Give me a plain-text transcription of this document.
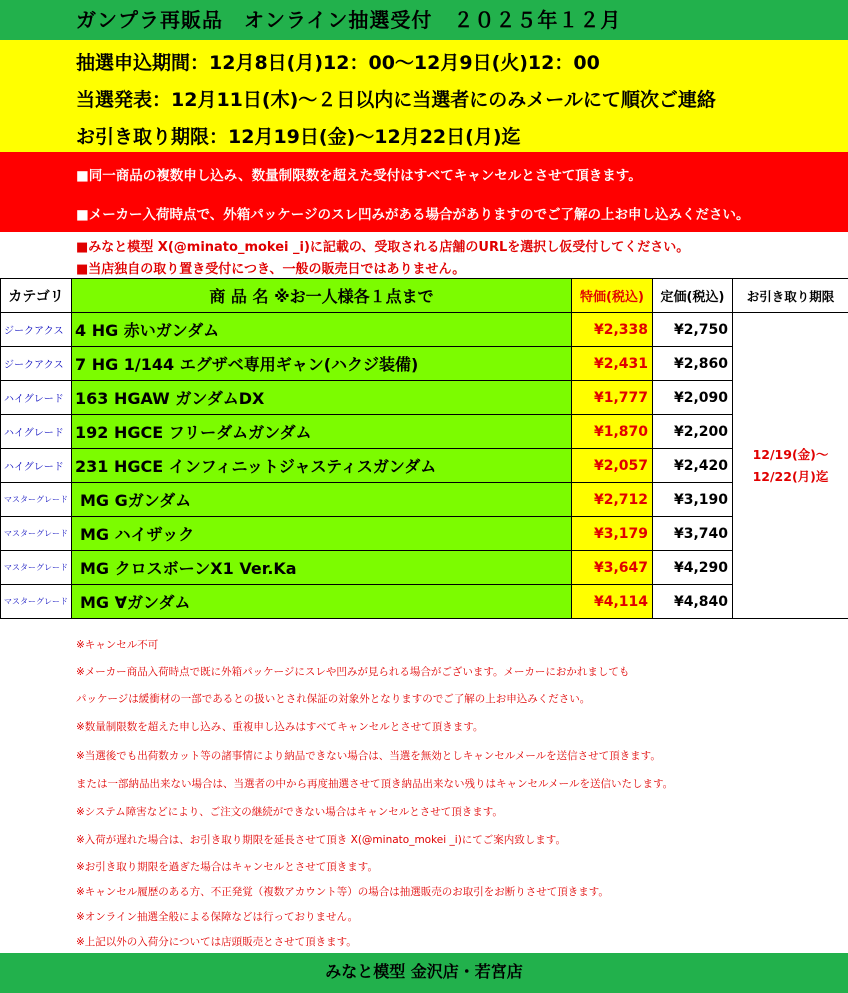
ガンプラ再販品　オンライン抽選受付　２０２５年１２月
抽選申込期間：12月8日(月)12：00～12月9日(火)12：00
当選発表：12月11日(木)～２日以内に当選者にのみメールにて順次ご連絡
お引き取り期限：12月19日(金)～12月22日(月)迄
■同一商品の複数申し込み、数量制限数を超えた受付はすべてキャンセルとさせて頂きます。
■メーカー入荷時点で、外箱パッケージのスレ凹みがある場合がありますのでご了解の上お申し込みください。
■みなと模型 X(@minato_mokei _i)に記載の、受取される店舗のURLを選択し仮受付してください。
■当店独自の取り置き受付につき、一般の販売日ではありません。
カテゴリ	商 品 名 ※お一人様各１点まで	特価(税込)	定価(税込)	お引き取り期限
ジークアクス	4 HG 赤いガンダム	¥2,338	¥2,750	12/19(金)～
12/22(月)迄

ジークアクス	7 HG 1/144 エグザベ専用ギャン(ハクジ装備)	¥2,431	¥2,860	
ハイグレード	163 HGAW ガンダムDX	¥1,777	¥2,090	
ハイグレード	192 HGCE フリーダムガンダム	¥1,870	¥2,200	
ハイグレード	231 HGCE インフィニットジャスティスガンダム	¥2,057	¥2,420	
マスターグレード	MG Gガンダム	¥2,712	¥3,190	
マスターグレード	MG ハイザック	¥3,179	¥3,740	
マスターグレード	MG クロスボーンX1 Ver.Ka	¥3,647	¥4,290	
マスターグレード	MG ∀ガンダム	¥4,114	¥4,840	
※キャンセル不可
※メーカー商品入荷時点で既に外箱パッケージにスレや凹みが見られる場合がございます。メーカーにおかれましても
パッケージは緩衝材の一部であるとの扱いとされ保証の対象外となりますのでご了解の上お申込みください。
※数量制限数を超えた申し込み、重複申し込みはすべてキャンセルとさせて頂きます。
※当選後でも出荷数カット等の諸事情により納品できない場合は、当選を無効としキャンセルメールを送信させて頂きます。
または一部納品出来ない場合は、当選者の中から再度抽選させて頂き納品出来ない残りはキャンセルメールを送信いたします。
※システム障害などにより、ご注文の継続ができない場合はキャンセルとさせて頂きます。
※入荷が遅れた場合は、お引き取り期限を延長させて頂き X(@minato_mokei _i)にてご案内致します。
※お引き取り期限を過ぎた場合はキャンセルとさせて頂きます。
※キャンセル履歴のある方、不正発覚（複数アカウント等）の場合は抽選販売のお取引をお断りさせて頂きます。
※オンライン抽選全般による保障などは行っておりません。
※上記以外の入荷分については店頭販売とさせて頂きます。
みなと模型 金沢店・若宮店
